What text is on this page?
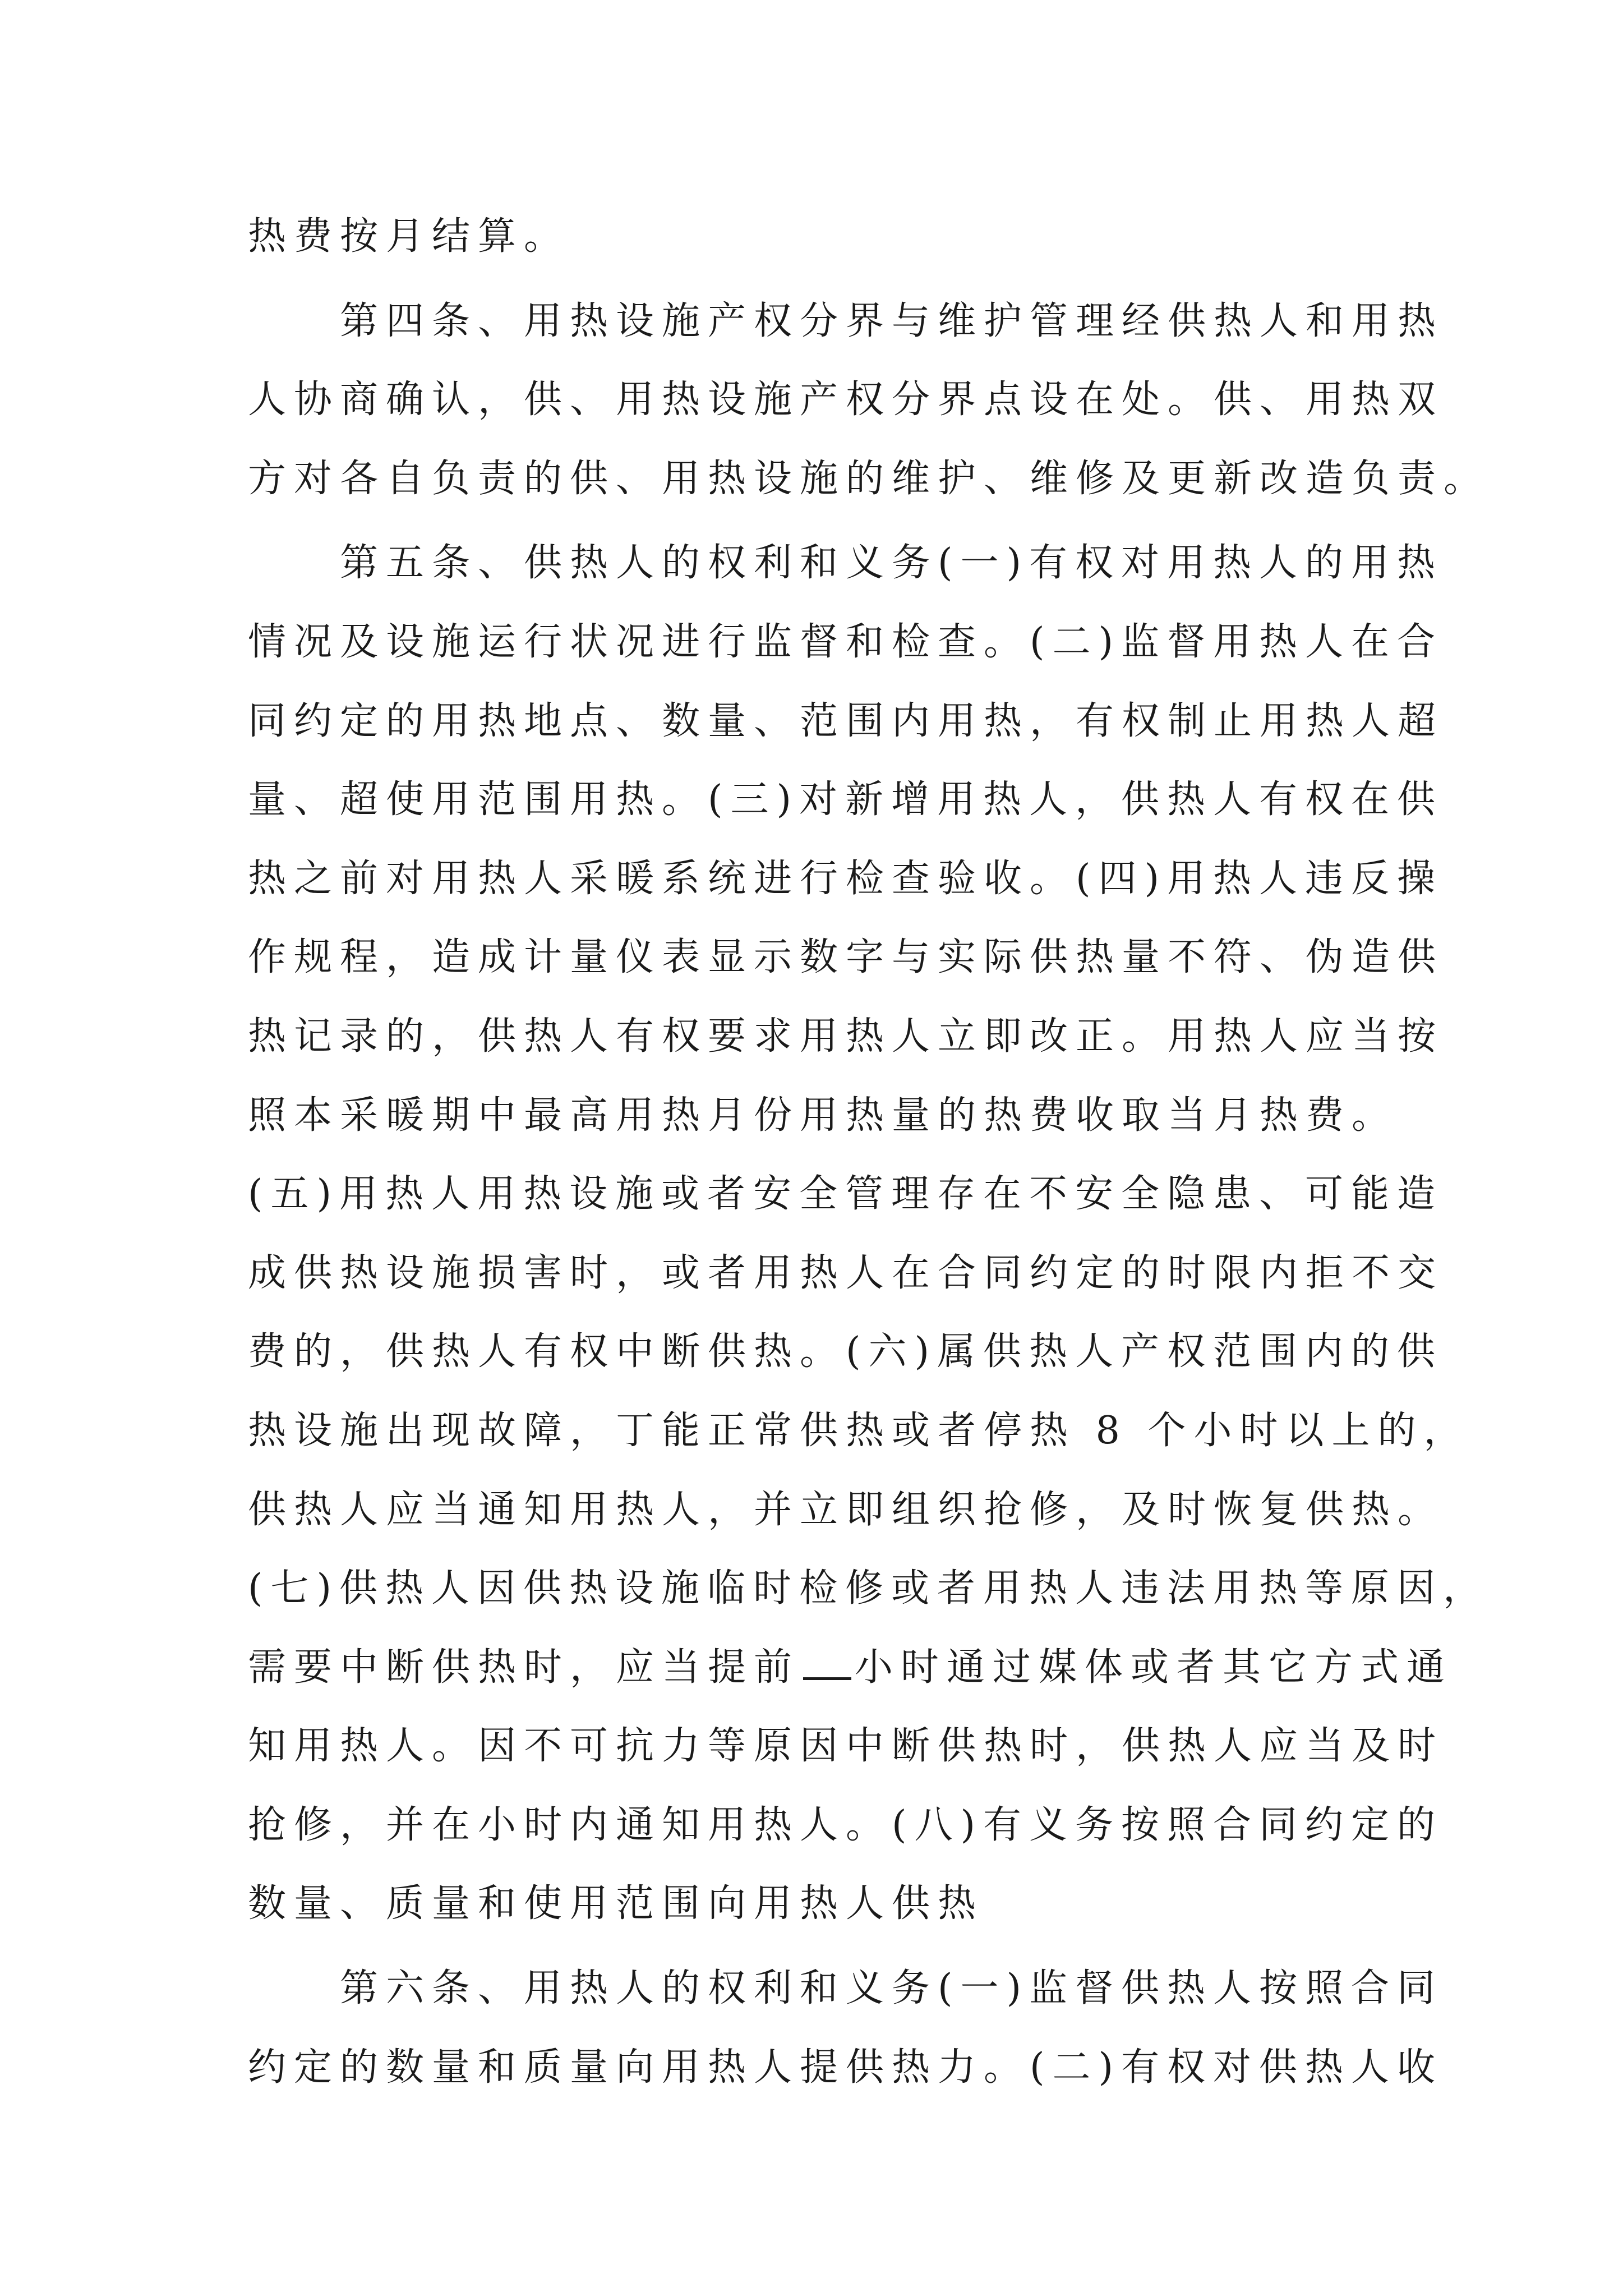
热费按月结算。
第四条、用热设施产权分界与维护管理经供热人和用热
人协商确认，供、用热设施产权分界点设在处。供、用热双
方对各自负责的供、用热设施的维护、维修及更新改造负责。
第五条、供热人的权利和义务(一)有权对用热人的用热
情况及设施运行状况进行监督和检查。(二)监督用热人在合
同约定的用热地点、数量、范围内用热，有权制止用热人超
量、超使用范围用热。(三)对新增用热人，供热人有权在供
热之前对用热人采暖系统进行检查验收。(四)用热人违反操
作规程，造成计量仪表显示数字与实际供热量不符、伪造供
热记录的，供热人有权要求用热人立即改正。用热人应当按
照本采暖期中最高用热月份用热量的热费收取当月热费。
(五)用热人用热设施或者安全管理存在不安全隐患、可能造
成供热设施损害时，或者用热人在合同约定的时限内拒不交
费的，供热人有权中断供热。(六)属供热人产权范围内的供
热设施出现故障，丁能正常供热或者停热 8 个小时以上的，
供热人应当通知用热人，并立即组织抢修，及时恢复供热。
(七)供热人因供热设施临时检修或者用热人违法用热等原因，
需要中断供热时，应当提前 小时通过媒体或者其它方式通
知用热人。因不可抗力等原因中断供热时，供热人应当及时
抢修，并在小时内通知用热人。(八)有义务按照合同约定的
数量、质量和使用范围向用热人供热
第六条、用热人的权利和义务(一)监督供热人按照合同
约定的数量和质量向用热人提供热力。(二)有权对供热人收
